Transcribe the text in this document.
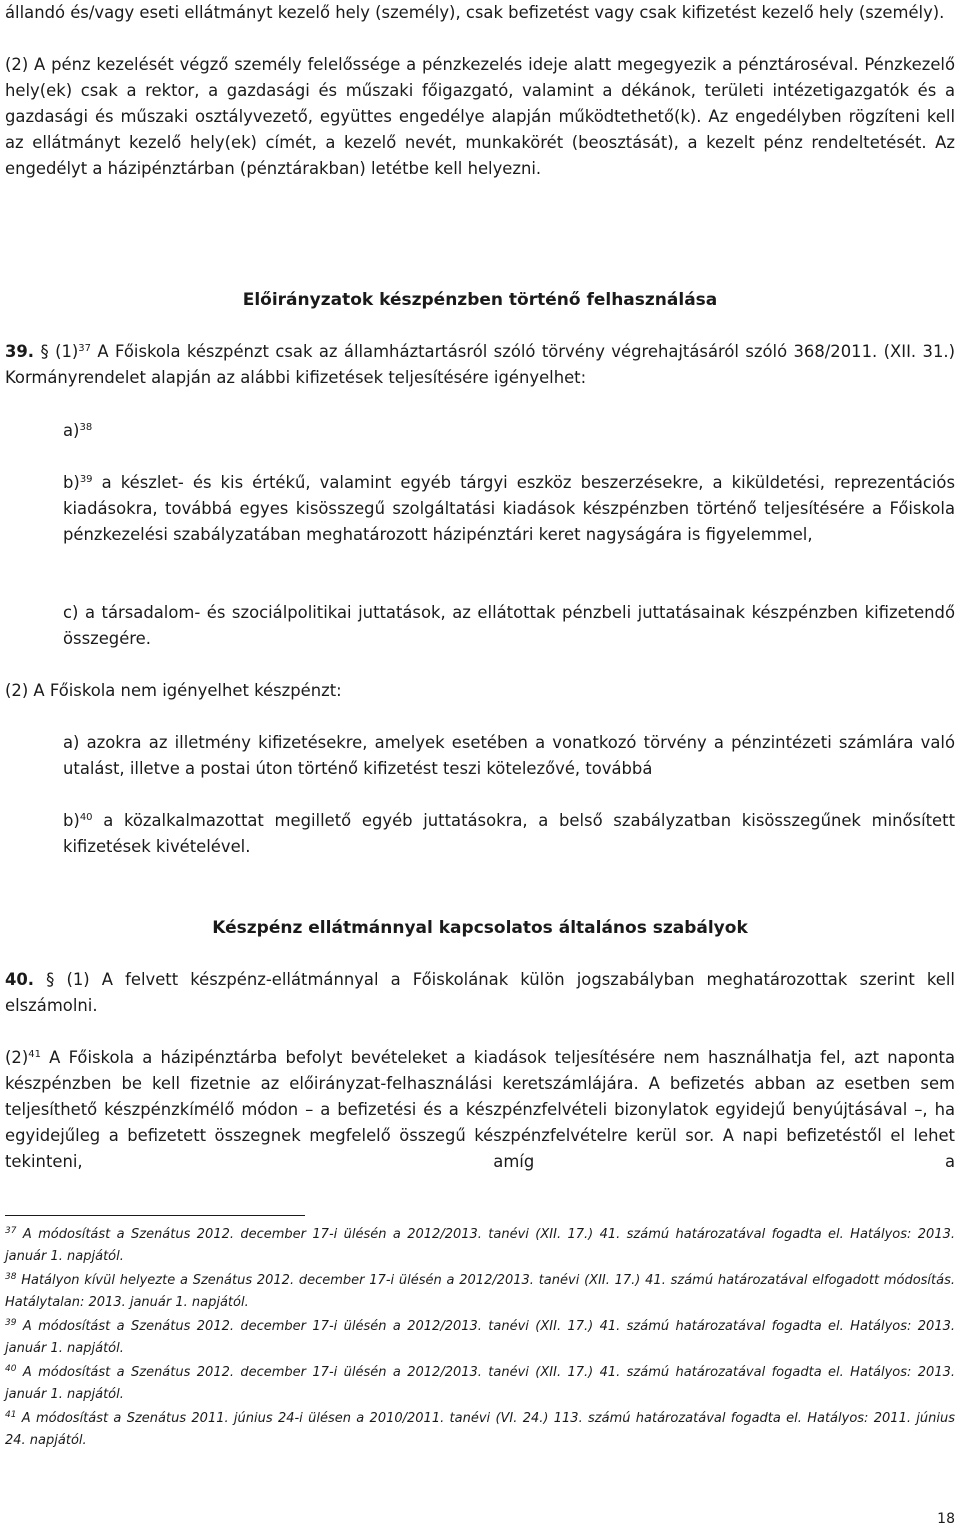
állandó és/vagy eseti ellátmányt kezelő hely (személy), csak befizetést vagy csak kifizetést kezelő hely (személy).

(2) A pénz kezelését végző személy felelőssége a pénzkezelés ideje alatt megegyezik a pénztároséval. Pénzkezelő hely(ek) csak a rektor, a gazdasági és műszaki főigazgató, valamint a dékánok, területi intézetigazgatók és a gazdasági és műszaki osztályvezető, együttes engedélye alapján működtethető(k). Az engedélyben rögzíteni kell az ellátmányt kezelő hely(ek) címét, a kezelő nevét, munkakörét (beosztását), a kezelt pénz rendeltetését. Az engedélyt a házipénztárban (pénztárakban) letétbe kell helyezni.

Előirányzatok készpénzben történő felhasználása

39. § $(1)^{37}$ A Főiskola készpénzt csak az államháztartásról szóló törvény végrehajtásáról szóló 368/2011. (XII. 31.) Kormányrendelet alapján az alábbi kifizetések teljesítésére igényelhet:

a)$^{38}$

b)$^{39}$ a készlet- és kis értékű, valamint egyéb tárgyi eszköz beszerzésekre, a kiküldetési, reprezentációs kiadásokra, továbbá egyes kisösszegű szolgáltatási kiadások készpénzben történő teljesítésére a Főiskola pénzkezelési szabályzatában meghatározott házipénztári keret nagyságára is figyelemmel,

c) a társadalom- és szociálpolitikai juttatások, az ellátottak pénzbeli juttatásainak készpénzben kifizetendő összegére.

(2) A Főiskola nem igényelhet készpénzt:

a) azokra az illetmény kifizetésekre, amelyek esetében a vonatkozó törvény a pénzintézeti számlára való utalást, illetve a postai úton történő kifizetést teszi kötelezővé, továbbá

b)$^{40}$ a közalkalmazottat megillető egyéb juttatásokra, a belső szabályzatban kisösszegűnek minősített kifizetések kivételével.

Készpénz ellátmánnyal kapcsolatos általános szabályok

40. § (1) A felvett készpénz-ellátmánnyal a Főiskolának külön jogszabályban meghatározottak szerint kell elszámolni.

$(2)^{41}$ A Főiskola a házipénztárba befolyt bevételeket a kiadások teljesítésére nem használhatja fel, azt naponta készpénzben be kell fizetnie az előirányzat-felhasználási keretszámlájára. A befizetés abban az esetben sem teljesíthető készpénzkímélő módon – a befizetési és a készpénzfelvételi bizonylatok egyidejű benyújtásával –, ha egyidejűleg a befizetett összegnek megfelelő összegű készpénzfelvételre kerül sor. A napi befizetéstől el lehet tekinteni, amíg a

$^{37}$ A módosítást a Szenátus 2012. december 17-i ülésén a 2012/2013. tanévi (XII. 17.) 41. számú határozatával fogadta el. Hatályos: 2013. január 1. napjától.

$^{38}$ Hatályon kívül helyezte a Szenátus 2012. december 17-i ülésén a 2012/2013. tanévi (XII. 17.) 41. számú határozatával elfogadott módosítás. Hatálytalan: 2013. január 1. napjától.

$^{39}$ A módosítást a Szenátus 2012. december 17-i ülésén a 2012/2013. tanévi (XII. 17.) 41. számú határozatával fogadta el. Hatályos: 2013. január 1. napjától.

$^{40}$ A módosítást a Szenátus 2012. december 17-i ülésén a 2012/2013. tanévi (XII. 17.) 41. számú határozatával fogadta el. Hatályos: 2013. január 1. napjától.

$^{41}$ A módosítást a Szenátus 2011. június 24-i ülésen a 2010/2011. tanévi (VI. 24.) 113. számú határozatával fogadta el. Hatályos: 2011. június 24. napjától.

18
